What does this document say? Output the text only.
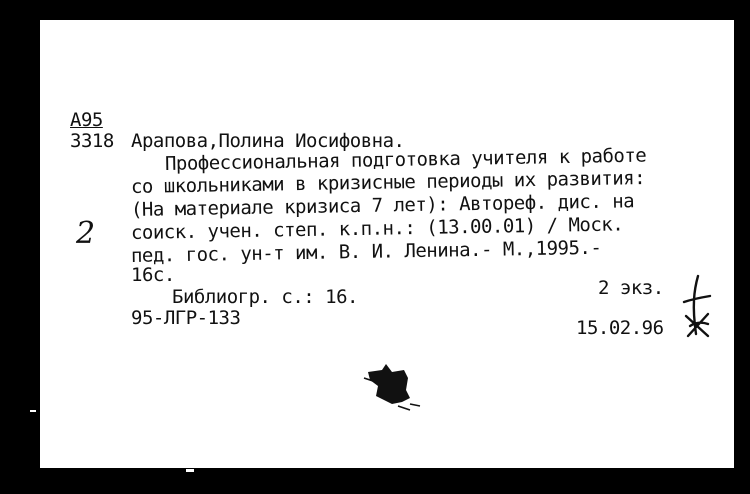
А95
3318 Арапова,Полина Иосифовна.
Профессиональная подготовка учителя к работе
со школьниками в кризисные периоды их развития:
(На материале кризиса 7 лет): Автореф. дис. на
соиск. учен. степ. к.п.н.: (13.00.01) / Моск.
пед. гос. ун-т им. В. И. Ленина.- М.,1995.-
16с.
Библиогр. с.: 16.	2 экз.
95-ЛГР-133	15.02.96
2
